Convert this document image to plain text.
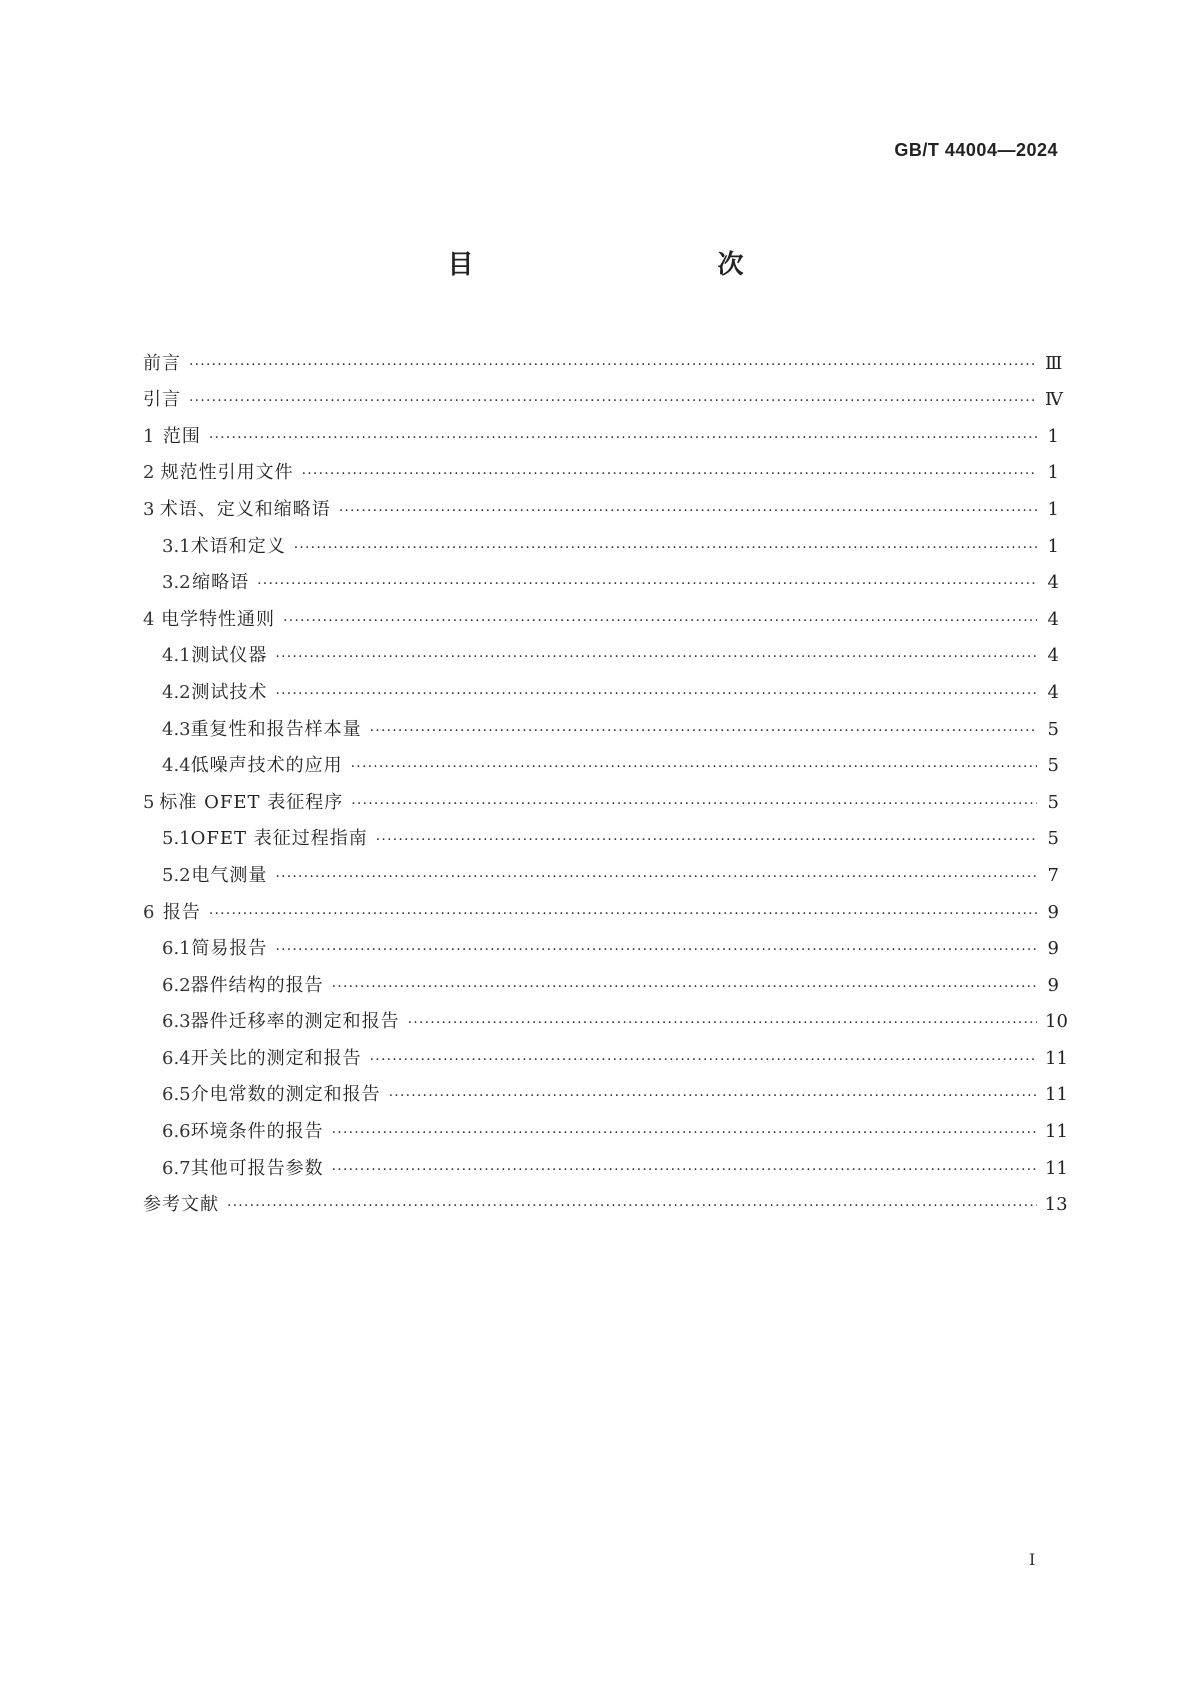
GB/T 44004—2024
目　　次
前言 ·····	Ⅲ
引言 ·····	Ⅳ
1 范围 ·····	1
2 规范性引用文件 ·····	1
3 术语、定义和缩略语 ·····	1
3.1 术语和定义 ·····	1
3.2 缩略语 ·····	4
4 电学特性通则 ·····	4
4.1 测试仪器 ·····	4
4.2 测试技术 ·····	4
4.3 重复性和报告样本量 ·····	5
4.4 低噪声技术的应用 ·····	5
5 标准 OFET 表征程序 ·····	5
5.1 OFET 表征过程指南 ·····	5
5.2 电气测量 ·····	7
6 报告 ·····	9
6.1 简易报告 ·····	9
6.2 器件结构的报告 ·····	9
6.3 器件迁移率的测定和报告 ·····	10
6.4 开关比的测定和报告 ·····	11
6.5 介电常数的测定和报告 ·····	11
6.6 环境条件的报告 ·····	11
6.7 其他可报告参数 ·····	11
参考文献 ·····	13
Ⅰ
